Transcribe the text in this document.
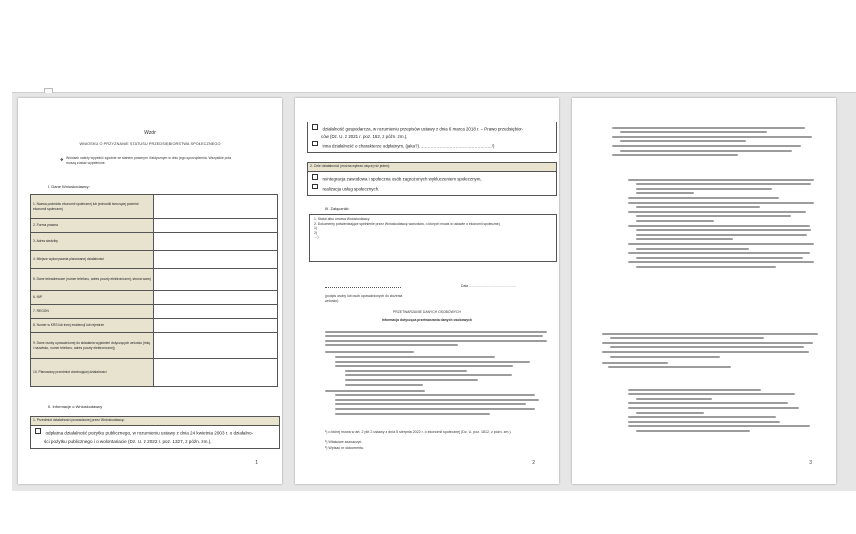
Wzór
WNIOSKU O PRZYZNANIE STATUSU PRZEDSIĘBIORSTWA SPOŁECZNEGO
❖ Wniosek należy wypełnić zgodnie ze stanem prawnym i faktycznym w dniu jego sporządzenia. Wszystkie pola muszą zostać wypełnione.
I. Dane Wnioskodawcy:
1. Nazwa podmiotu ekonomii społecznej lub jednostki tworzącej podmiot ekonomii społecznej	
2. Forma prawna	
3. Adres siedziby	
4. Miejsce wykonywania planowanej działalności	
5. Dane teleadresowe (numer telefonu, adres poczty elektronicznej, strona www)	
6. NIP	
7. REGON	
8. Numer w KRS lub innej ewidencji lub rejestrze	
9. Dane osoby upoważnionej do składania wyjaśnień dotyczących wniosku (imię i nazwisko, numer telefonu, adres poczty elektronicznej)	
10. Planowany przedmiot dominującej działalności	
II. Informacje o Wnioskodawcy
1. Przedmiot działalności prowadzonej przez Wnioskodawcę:
odpłatna działalność pożytku publicznego, w rozumieniu ustawy z dnia 24 kwietnia 2003 r. o działalno-
ści pożytku publicznego i o wolontariacie (Dz. U. z 2022 r. poz. 1327, z późn. zm.),
1
działalność gospodarcza, w rozumieniu przepisów ustawy z dnia 6 marca 2018 r. – Prawo przedsiębior-
ców (Dz. U. z 2021 r. poz. 162, z późn. zm.),
inna działalność o charakterze odpłatnym, (jaka?)…………………………………………..¹)
2. Cele działalności (można wybrać więcej niż jeden):
reintegracja zawodowa i społeczna osób zagrożonych wykluczeniem społecznym,
realizacja usług społecznych.
III. Załączniki:
1. Statut albo umowa Wnioskodawcy.
2. Dokumenty potwierdzające spełnienie przez Wnioskodawcę warunków, o których mowa w ustawie o ekonomii społecznej.
1)
2)
…)
(podpis osoby lub osób upoważnionych do złożenia wniosku)
Data ……………………………………
PRZETWARZANIE DANYCH OSOBOWYCH
Informacja dotycząca przetwarzania danych osobowych
¹) o której mowa w art. 2 pkt 2 ustawy z dnia 5 sierpnia 2022 r. o ekonomii społecznej (Dz. U. poz. 1812, z późn. zm.).
²) Właściwe zaznaczyć.
³) Wpisać nr dokumentu.
2	3
